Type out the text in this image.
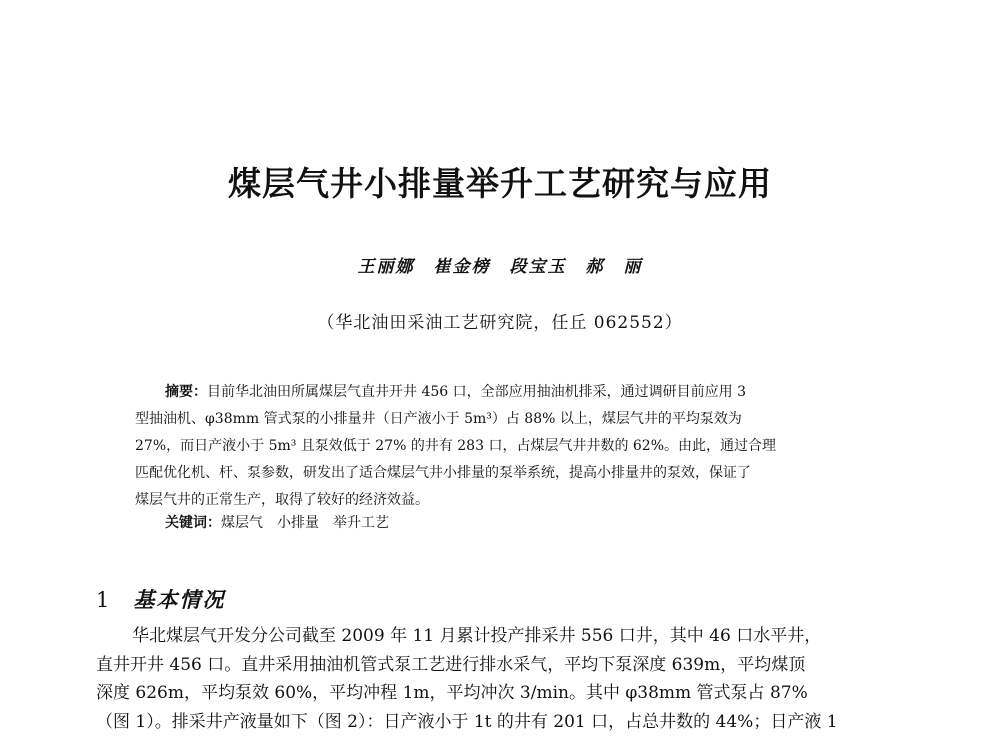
煤层气井小排量举升工艺研究与应用
王丽娜　崔金榜　段宝玉　郝　丽
（华北油田采油工艺研究院，任丘 062552）
摘要：目前华北油田所属煤层气直井开井 456 口，全部应用抽油机排采，通过调研目前应用 3
型抽油机、φ38mm 管式泵的小排量井（日产液小于 5m³）占 88% 以上，煤层气井的平均泵效为
27%，而日产液小于 5m³ 且泵效低于 27% 的井有 283 口，占煤层气井井数的 62%。由此，通过合理
匹配优化机、杆、泵参数，研发出了适合煤层气井小排量的泵举系统，提高小排量井的泵效，保证了
煤层气井的正常生产，取得了较好的经济效益。
关键词：煤层气 小排量 举升工艺
1 基本情况
华北煤层气开发分公司截至 2009 年 11 月累计投产排采井 556 口井，其中 46 口水平井，
直井开井 456 口。直井采用抽油机管式泵工艺进行排水采气，平均下泵深度 639m，平均煤顶
深度 626m，平均泵效 60%，平均冲程 1m，平均冲次 3/min。其中 φ38mm 管式泵占 87%
（图 1）。排采井产液量如下（图 2）：日产液小于 1t 的井有 201 口，占总井数的 44%；日产液 1
